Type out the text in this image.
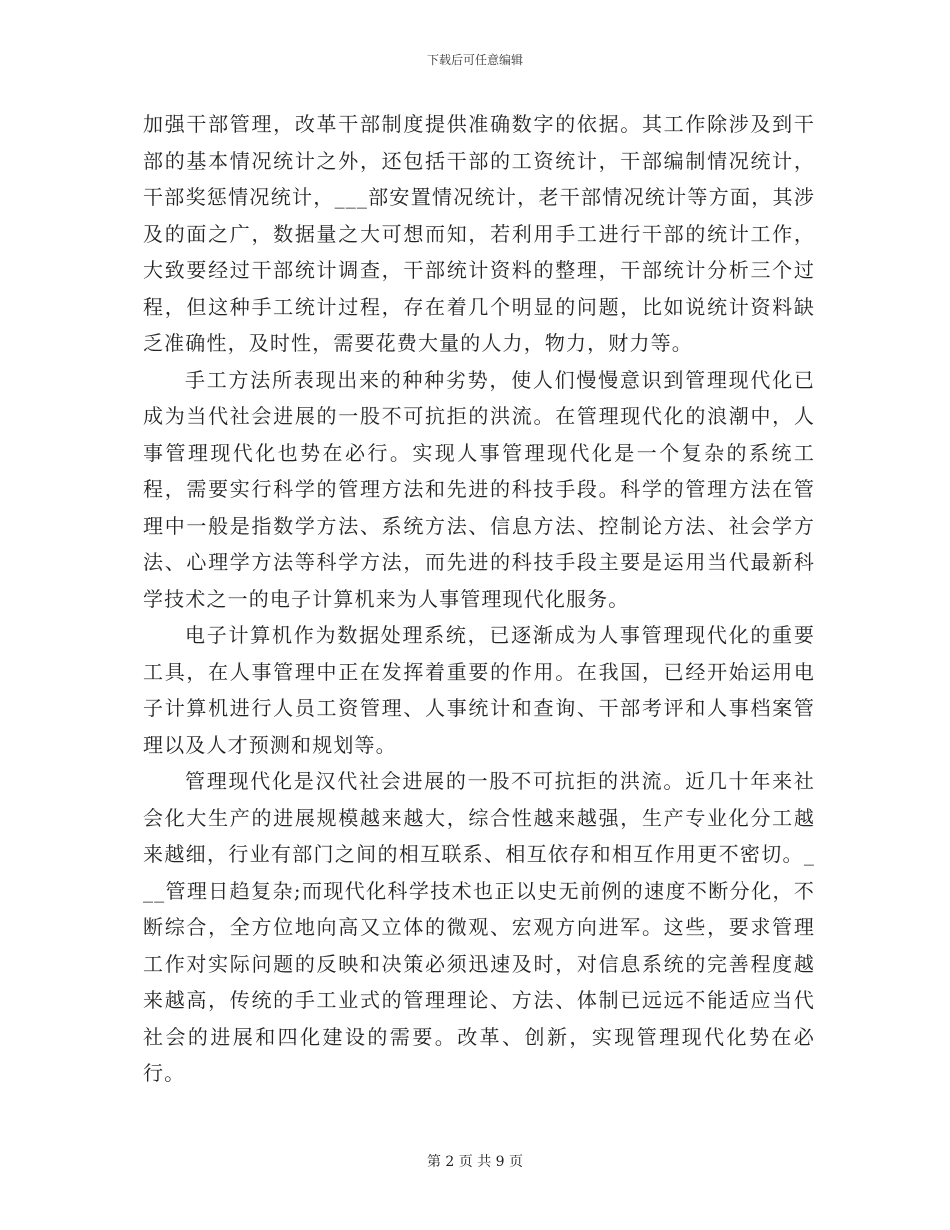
下载后可任意编辑

加强干部管理，改革干部制度提供准确数字的依据。其工作除涉及到干部的基本情况统计之外，还包括干部的工资统计，干部编制情况统计，干部奖惩情况统计，___部安置情况统计，老干部情况统计等方面，其涉及的面之广，数据量之大可想而知，若利用手工进行干部的统计工作，大致要经过干部统计调查，干部统计资料的整理，干部统计分析三个过程，但这种手工统计过程，存在着几个明显的问题，比如说统计资料缺乏准确性，及时性，需要花费大量的人力，物力，财力等。

手工方法所表现出来的种种劣势，使人们慢慢意识到管理现代化已成为当代社会进展的一股不可抗拒的洪流。在管理现代化的浪潮中，人事管理现代化也势在必行。实现人事管理现代化是一个复杂的系统工程，需要实行科学的管理方法和先进的科技手段。科学的管理方法在管理中一般是指数学方法、系统方法、信息方法、控制论方法、社会学方法、心理学方法等科学方法，而先进的科技手段主要是运用当代最新科学技术之一的电子计算机来为人事管理现代化服务。

电子计算机作为数据处理系统，已逐渐成为人事管理现代化的重要工具，在人事管理中正在发挥着重要的作用。在我国，已经开始运用电子计算机进行人员工资管理、人事统计和查询、干部考评和人事档案管理以及人才预测和规划等。

管理现代化是汉代社会进展的一股不可抗拒的洪流。近几十年来社会化大生产的进展规模越来越大，综合性越来越强，生产专业化分工越来越细，行业有部门之间的相互联系、相互依存和相互作用更不密切。___管理日趋复杂;而现代化科学技术也正以史无前例的速度不断分化，不断综合，全方位地向高又立体的微观、宏观方向进军。这些，要求管理工作对实际问题的反映和决策必须迅速及时，对信息系统的完善程度越来越高，传统的手工业式的管理理论、方法、体制已远远不能适应当代社会的进展和四化建设的需要。改革、创新，实现管理现代化势在必行。

第 2 页 共 9 页
